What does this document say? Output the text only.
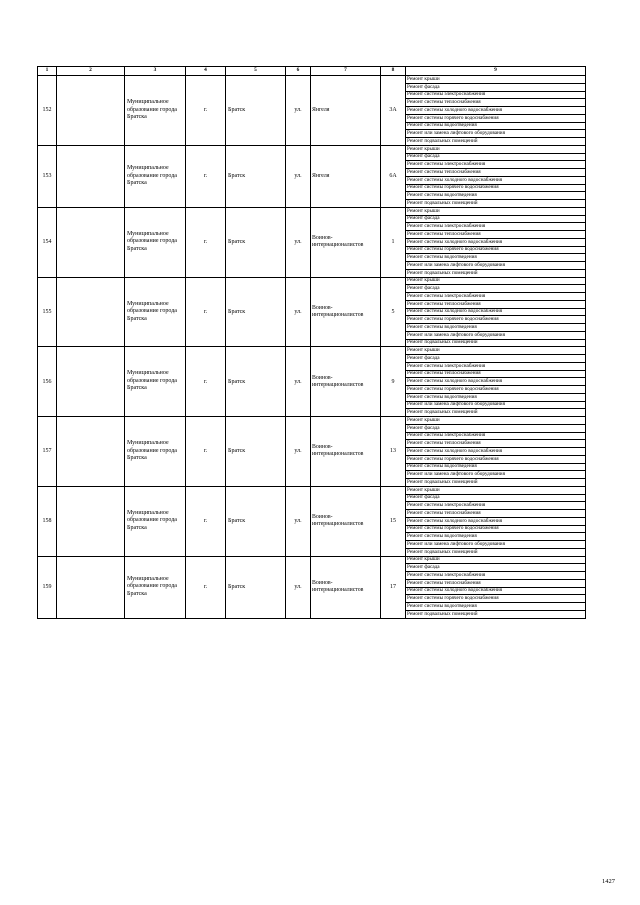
1	2	3	4	5	6	7	8	9
152		Муниципальное образование города Братска	г.	Братск	ул.	Янгеля	3А	Ремонт крыши
								Ремонт фасада
								Ремонт системы электроснабжения
								Ремонт системы теплоснабжения
								Ремонт системы холодного водоснабжения
								Ремонт системы горячего водоснабжения
								Ремонт системы водоотведения
								Ремонт или замена лифтового оборудования
								Ремонт подвальных помещений
153		Муниципальное образование города Братска	г.	Братск	ул.	Янгеля	6А	Ремонт крыши
								Ремонт фасада
								Ремонт системы электроснабжения
								Ремонт системы теплоснабжения
								Ремонт системы холодного водоснабжения
								Ремонт системы горячего водоснабжения
								Ремонт системы водоотведения
								Ремонт подвальных помещений
154		Муниципальное образование города Братска	г.	Братск	ул.	Воинов-интернационалистов	1	Ремонт крыши
								Ремонт фасада
								Ремонт системы электроснабжения
								Ремонт системы теплоснабжения
								Ремонт системы холодного водоснабжения
								Ремонт системы горячего водоснабжения
								Ремонт системы водоотведения
								Ремонт или замена лифтового оборудования
								Ремонт подвальных помещений
155		Муниципальное образование города Братска	г.	Братск	ул.	Воинов-интернационалистов	5	Ремонт крыши
								Ремонт фасада
								Ремонт системы электроснабжения
								Ремонт системы теплоснабжения
								Ремонт системы холодного водоснабжения
								Ремонт системы горячего водоснабжения
								Ремонт системы водоотведения
								Ремонт или замена лифтового оборудования
								Ремонт подвальных помещений
156		Муниципальное образование города Братска	г.	Братск	ул.	Воинов-интернационалистов	9	Ремонт крыши
								Ремонт фасада
								Ремонт системы электроснабжения
								Ремонт системы теплоснабжения
								Ремонт системы холодного водоснабжения
								Ремонт системы горячего водоснабжения
								Ремонт системы водоотведения
								Ремонт или замена лифтового оборудования
								Ремонт подвальных помещений
157		Муниципальное образование города Братска	г.	Братск	ул.	Воинов-интернационалистов	13	Ремонт крыши
								Ремонт фасада
								Ремонт системы электроснабжения
								Ремонт системы теплоснабжения
								Ремонт системы холодного водоснабжения
								Ремонт системы горячего водоснабжения
								Ремонт системы водоотведения
								Ремонт или замена лифтового оборудования
								Ремонт подвальных помещений
158		Муниципальное образование города Братска	г.	Братск	ул.	Воинов-интернационалистов	15	Ремонт крыши
								Ремонт фасада
								Ремонт системы электроснабжения
								Ремонт системы теплоснабжения
								Ремонт системы холодного водоснабжения
								Ремонт системы горячего водоснабжения
								Ремонт системы водоотведения
								Ремонт или замена лифтового оборудования
								Ремонт подвальных помещений
159		Муниципальное образование города Братска	г.	Братск	ул.	Воинов-интернационалистов	17	Ремонт крыши
								Ремонт фасада
								Ремонт системы электроснабжения
								Ремонт системы теплоснабжения
								Ремонт системы холодного водоснабжения
								Ремонт системы горячего водоснабжения
								Ремонт системы водоотведения
								Ремонт подвальных помещений
1427
